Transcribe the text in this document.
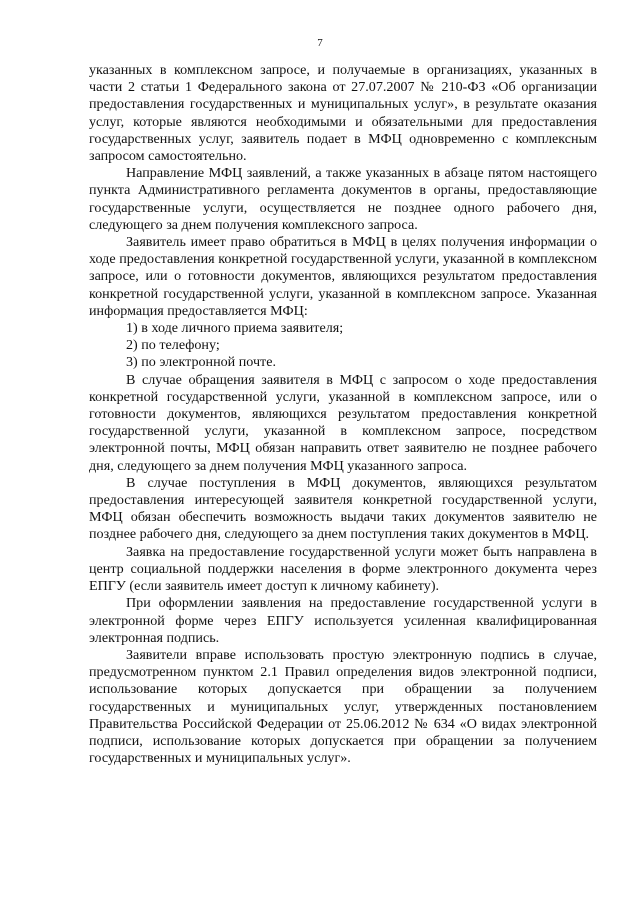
7

указанных в комплексном запросе, и получаемые в организациях, указанных в части 2 статьи 1 Федерального закона от 27.07.2007 № 210-ФЗ «Об организации предоставления государственных и муниципальных услуг», в результате оказания услуг, которые являются необходимыми и обязательными для предоставления государственных услуг, заявитель подает в МФЦ одновременно с комплексным запросом самостоятельно.

Направление МФЦ заявлений, а также указанных в абзаце пятом настоящего пункта Административного регламента документов в органы, предоставляющие государственные услуги, осуществляется не позднее одного рабочего дня, следующего за днем получения комплексного запроса.

Заявитель имеет право обратиться в МФЦ в целях получения информации о ходе предоставления конкретной государственной услуги, указанной в комплексном запросе, или о готовности документов, являющихся результатом предоставления конкретной государственной услуги, указанной в комплексном запросе. Указанная информация предоставляется МФЦ:

1) в ходе личного приема заявителя;

2) по телефону;

3) по электронной почте.

В случае обращения заявителя в МФЦ с запросом о ходе предоставления конкретной государственной услуги, указанной в комплексном запросе, или о готовности документов, являющихся результатом предоставления конкретной государственной услуги, указанной в комплексном запросе, посредством электронной почты, МФЦ обязан направить ответ заявителю не позднее рабочего дня, следующего за днем получения МФЦ указанного запроса.

В случае поступления в МФЦ документов, являющихся результатом предоставления интересующей заявителя конкретной государственной услуги, МФЦ обязан обеспечить возможность выдачи таких документов заявителю не позднее рабочего дня, следующего за днем поступления таких документов в МФЦ.

Заявка на предоставление государственной услуги может быть направлена в центр социальной поддержки населения в форме электронного документа через ЕПГУ (если заявитель имеет доступ к личному кабинету).

При оформлении заявления на предоставление государственной услуги в электронной форме через ЕПГУ используется усиленная квалифицированная электронная подпись.

Заявители вправе использовать простую электронную подпись в случае, предусмотренном пунктом 2.1 Правил определения видов электронной подписи, использование которых допускается при обращении за получением государственных и муниципальных услуг, утвержденных постановлением Правительства Российской Федерации от 25.06.2012 № 634 «О видах электронной подписи, использование которых допускается при обращении за получением государственных и муниципальных услуг».
